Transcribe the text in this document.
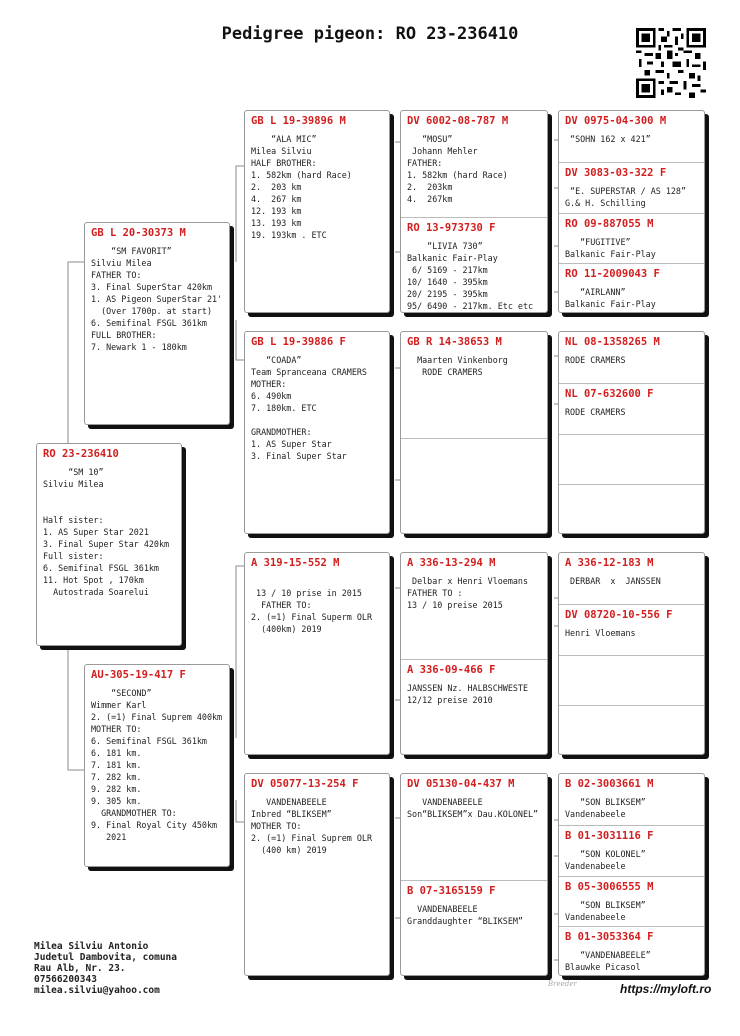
Pedigree pigeon: RO 23-236410
RO 23-236410
“SM 10”
Silviu Milea
Half sister:
1. AS Super Star 2021
3. Final Super Star 420km
Full sister:
6. Semifinal FSGL 361km
11. Hot Spot , 170km
Autostrada Soarelui
GB L 20-30373 M
“SM FAVORIT”
Silviu Milea
FATHER TO:
3. Final SuperStar 420km
1. AS Pigeon SuperStar 21'
(Over 1700p. at start)
6. Semifinal FSGL 361km
FULL BROTHER:
7. Newark 1 - 180km
AU-305-19-417 F
“SECOND”
Wimmer Karl
2. (=1) Final Suprem 400km
MOTHER TO:
6. Semifinal FSGL 361km
6. 181 km.
7. 181 km.
7. 282 km.
9. 282 km.
9. 305 km.
GRANDMOTHER TO:
9. Final Royal City 450km
2021
GB L 19-39896 M
“ALA MIC”
Milea Silviu
HALF BROTHER:
1. 582km (hard Race)
2.  203 km
4.  267 km
12. 193 km
13. 193 km
19. 193km . ETC
GB L 19-39886 F
“COADA”
Team Spranceana CRAMERS
MOTHER:
6. 490km
7. 180km. ETC
GRANDMOTHER:
1. AS Super Star
3. Final Super Star
A 319-15-552 M
13 / 10 prise in 2015
FATHER TO:
2. (=1) Final Superm OLR
(400km) 2019
DV 05077-13-254 F
VANDENABEELE
Inbred “BLIKSEM”
MOTHER TO:
2. (=1) Final Suprem OLR
(400 km) 2019
DV 6002-08-787 M
“MOSU”
Johann Mehler
FATHER:
1. 582km (hard Race)
2.  203km
4.  267km
RO 13-973730 F
“LIVIA 730”
Balkanic Fair-Play
6/ 5169 - 217km
10/ 1640 - 395km
20/ 2195 - 395km
95/ 6490 - 217km. Etc etc
GB R 14-38653 M
Maarten Vinkenborg
RODE CRAMERS
A 336-13-294 M
Delbar x Henri Vloemans
FATHER TO :
13 / 10 preise 2015
A 336-09-466 F
JANSSEN Nz. HALBSCHWESTE
12/12 preise 2010
DV 05130-04-437 M
VANDENABEELE
Son“BLIKSEM”x Dau.KOLONEL”
B 07-3165159 F
VANDENABEELE
Granddaughter “BLIKSEM”
DV 0975-04-300 M
“SOHN 162 x 421”
DV 3083-03-322 F
“E. SUPERSTAR / AS 128”
G.& H. Schilling
RO 09-887055 M
“FUGITIVE”
Balkanic Fair-Play
RO 11-2009043 F
“AIRLANN”
Balkanic Fair-Play
NL 08-1358265 M
RODE CRAMERS
NL 07-632600 F
RODE CRAMERS
A 336-12-183 M
DERBAR  x  JANSSEN
DV 08720-10-556 F
Henri Vloemans
B 02-3003661 M
“SON BLIKSEM”
Vandenabeele
B 01-3031116 F
“SON KOLONEL”
Vandenabeele
B 05-3006555 M
“SON BLIKSEM”
Vandenabeele
B 01-3053364 F
“VANDENABEELE”
Blauwke Picasol
Milea Silviu Antonio
Judetul Dambovita, comuna
Rau Alb, Nr. 23.
07566200343
milea.silviu@yahoo.com
Breeder	https://myloft.ro
